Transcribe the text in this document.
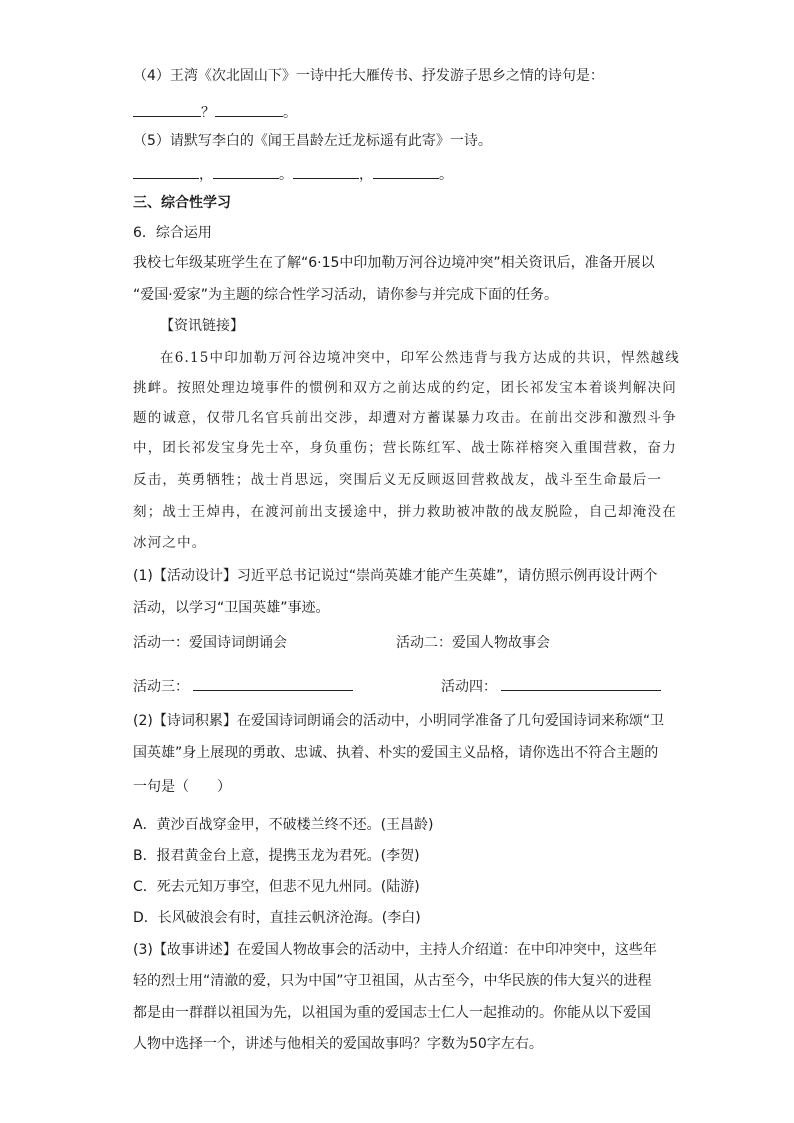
（4）王湾《次北固山下》一诗中托大雁传书、抒发游子思乡之情的诗句是：
？	。
（5）请默写李白的《闻王昌龄左迁龙标遥有此寄》一诗。
，	。	，	。
三、综合性学习
6．综合运用
我校七年级某班学生在了解“6·15中印加勒万河谷边境冲突”相关资讯后，准备开展以
“爱国·爱家”为主题的综合性学习活动，请你参与并完成下面的任务。
【资讯链接】
在6.15中印加勒万河谷边境冲突中，印军公然违背与我方达成的共识，悍然越线
挑衅。按照处理边境事件的惯例和双方之前达成的约定，团长祁发宝本着谈判解决问
题的诚意，仅带几名官兵前出交涉，却遭对方蓄谋暴力攻击。在前出交涉和激烈斗争
中，团长祁发宝身先士卒，身负重伤；营长陈红军、战士陈祥榕突入重围营救，奋力
反击，英勇牺牲；战士肖思远，突围后义无反顾返回营救战友，战斗至生命最后一
刻；战士王焯冉，在渡河前出支援途中，拼力救助被冲散的战友脱险，自己却淹没在
冰河之中。
(1)【活动设计】习近平总书记说过“崇尚英雄才能产生英雄”，请仿照示例再设计两个
活动，以学习“卫国英雄”事迹。
活动一：爱国诗词朗诵会	活动二：爱国人物故事会
活动三：	活动四：
(2)【诗词积累】在爱国诗词朗诵会的活动中，小明同学准备了几句爱国诗词来称颂“卫
国英雄”身上展现的勇敢、忠诚、执着、朴实的爱国主义品格，请你选出不符合主题的
一句是（　　）
A．黄沙百战穿金甲，不破楼兰终不还。(王昌龄)
B．报君黄金台上意，提携玉龙为君死。(李贺)
C．死去元知万事空，但悲不见九州同。(陆游)
D．长风破浪会有时，直挂云帆济沧海。(李白)
(3)【故事讲述】在爱国人物故事会的活动中，主持人介绍道：在中印冲突中，这些年
轻的烈士用“清澈的爱，只为中国”守卫祖国，从古至今，中华民族的伟大复兴的进程
都是由一群群以祖国为先，以祖国为重的爱国志士仁人一起推动的。你能从以下爱国
人物中选择一个，讲述与他相关的爱国故事吗？字数为50字左右。
